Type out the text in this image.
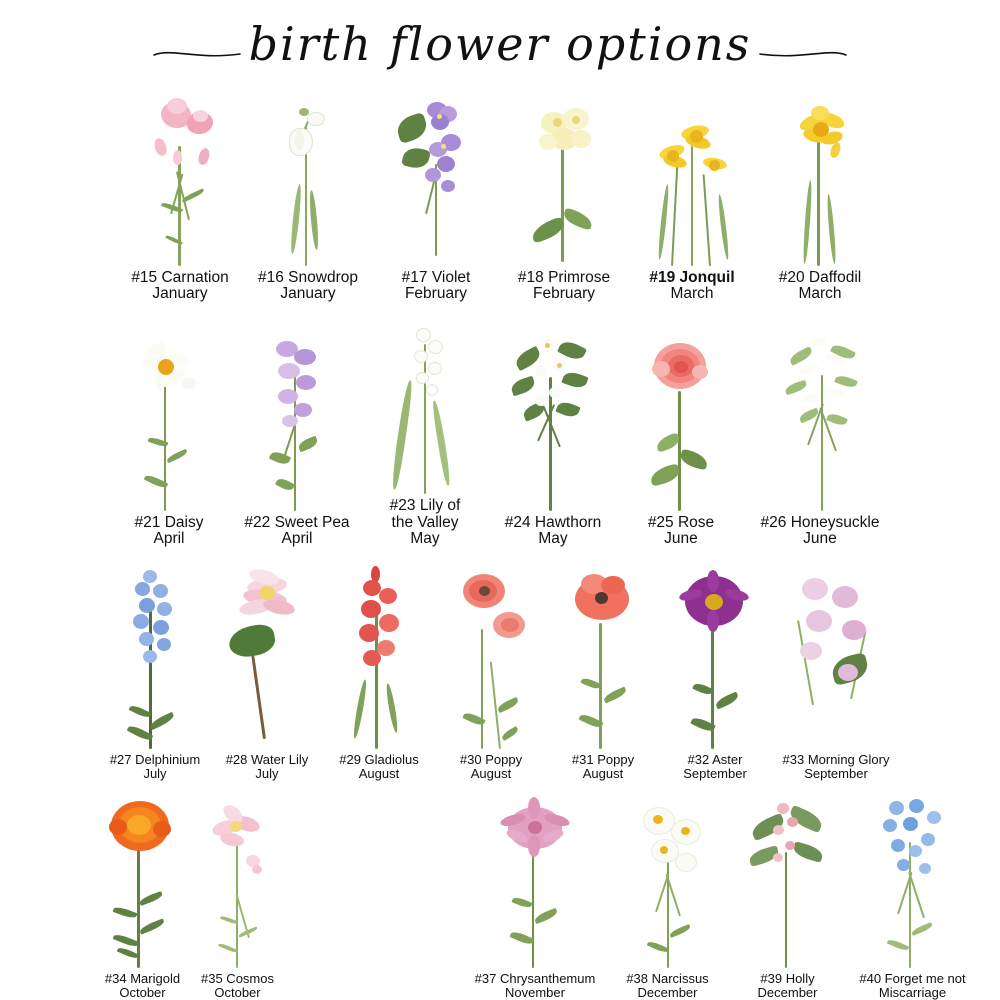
birth flower options
#15 Carnation
January
#16 Snowdrop
January
#17 Violet
February
#18 Primrose
February
#19 Jonquil
March
#20 Daffodil
March
#21 Daisy
April
#22 Sweet Pea
April
#23 Lily of
the Valley
May
#24 Hawthorn
May
#25 Rose
June
#26 Honeysuckle
June
#27 Delphinium
July
#28 Water Lily
July
#29 Gladiolus
August
#30 Poppy
August
#31 Poppy
August
#32 Aster
September
#33 Morning Glory
September
#34 Marigold
October
#35 Cosmos
October
#37 Chrysanthemum
November
#38 Narcissus
December
#39 Holly
December
#40 Forget me not
Miscarriage
